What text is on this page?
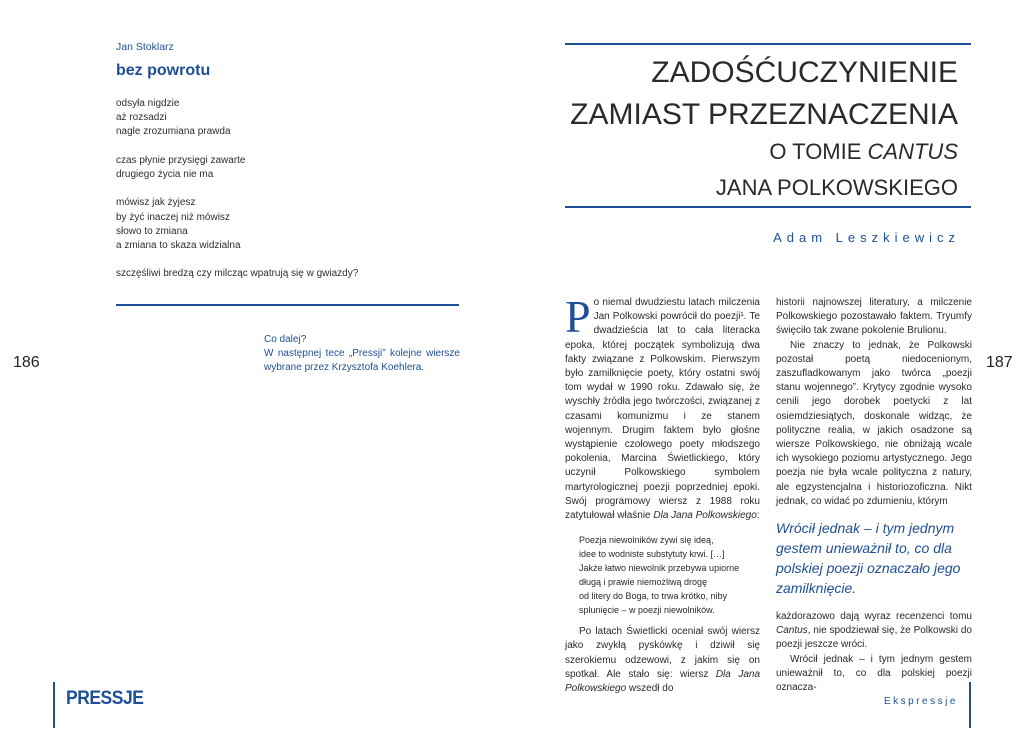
Jan Stoklarz
bez powrotu
odsyła nigdzie
aż rozsadzi
nagle zrozumiana prawda
czas płynie przysięgi zawarte
drugiego życia nie ma
mówisz jak żyjesz
by żyć inaczej niż mówisz
słowo to zmiana
a zmiana to skaza widzialna
szczęśliwi bredzą czy milcząc wpatrują się w gwiazdy?
Co dalej?
W następnej tece „Pressji” kolejne wiersze wybrane przez Krzysztofa Koehlera.
186
PRESSJE
ZADOŚĆUCZYNIENIE
ZAMIAST PRZEZNACZENIA
O TOMIE CANTUS
JANA POLKOWSKIEGO
Adam Leszkiewicz

Po niemal dwudziestu latach milczenia Jan Polkowski powrócił do poezji¹. Te dwadzieścia lat to cała literacka epoka, której początek symbolizują dwa fakty związane z Polkowskim. Pierwszym było zamilknięcie poety, który ostatni swój tom wydał w 1990 roku. Zdawało się, że wyschły źródła jego twórczości, związanej z czasami komunizmu i ze stanem wojennym. Drugim faktem było głośne wystąpienie czołowego poety młodszego pokolenia, Marcina Świetlickiego, który uczynił Polkowskiego symbolem martyrologicznej poezji poprzedniej epoki. Swój programowy wiersz z 1988 roku zatytułował właśnie Dla Jana Polkowskiego:

Poezja niewolników żywi się ideą,
idee to wodniste substytuty krwi. […]
Jakże łatwo niewolnik przebywa upiorne
długą i prawie niemożliwą drogę
od litery do Boga, to trwa krótko, niby
splunięcie – w poezji niewolników.

Po latach Świetlicki oceniał swój wiersz jako zwykłą pyskówkę i dziwił się szerokiemu odzewowi, z jakim się on spotkał. Ale stało się: wiersz Dla Jana Polkowskiego wszedł do

historii najnowszej literatury, a milczenie Polkowskiego pozostawało faktem. Tryumfy święciło tak zwane pokolenie Brulionu.

Nie znaczy to jednak, że Polkowski pozostał poetą niedocenionym, zaszufladkowanym jako twórca „poezji stanu wojennego”. Krytycy zgodnie wysoko cenili jego dorobek poetycki z lat osiemdziesiątych, doskonale widząc, że polityczne realia, w jakich osadzone są wiersze Polkowskiego, nie obniżają wcale ich wysokiego poziomu artystycznego. Jego poezja nie była wcale polityczna z natury, ale egzystencjalna i historiozoficzna. Nikt jednak, co widać po zdumieniu, którym

Wrócił jednak – i tym jednym gestem unieważnił to, co dla polskiej poezji oznaczało jego zamilknięcie.

każdorazowo dają wyraz recenzenci tomu Cantus, nie spodziewał się, że Polkowski do poezji jeszcze wróci.

Wrócił jednak – i tym jednym gestem unieważnił to, co dla polskiej poezji oznacza-

187
Ekspressje
